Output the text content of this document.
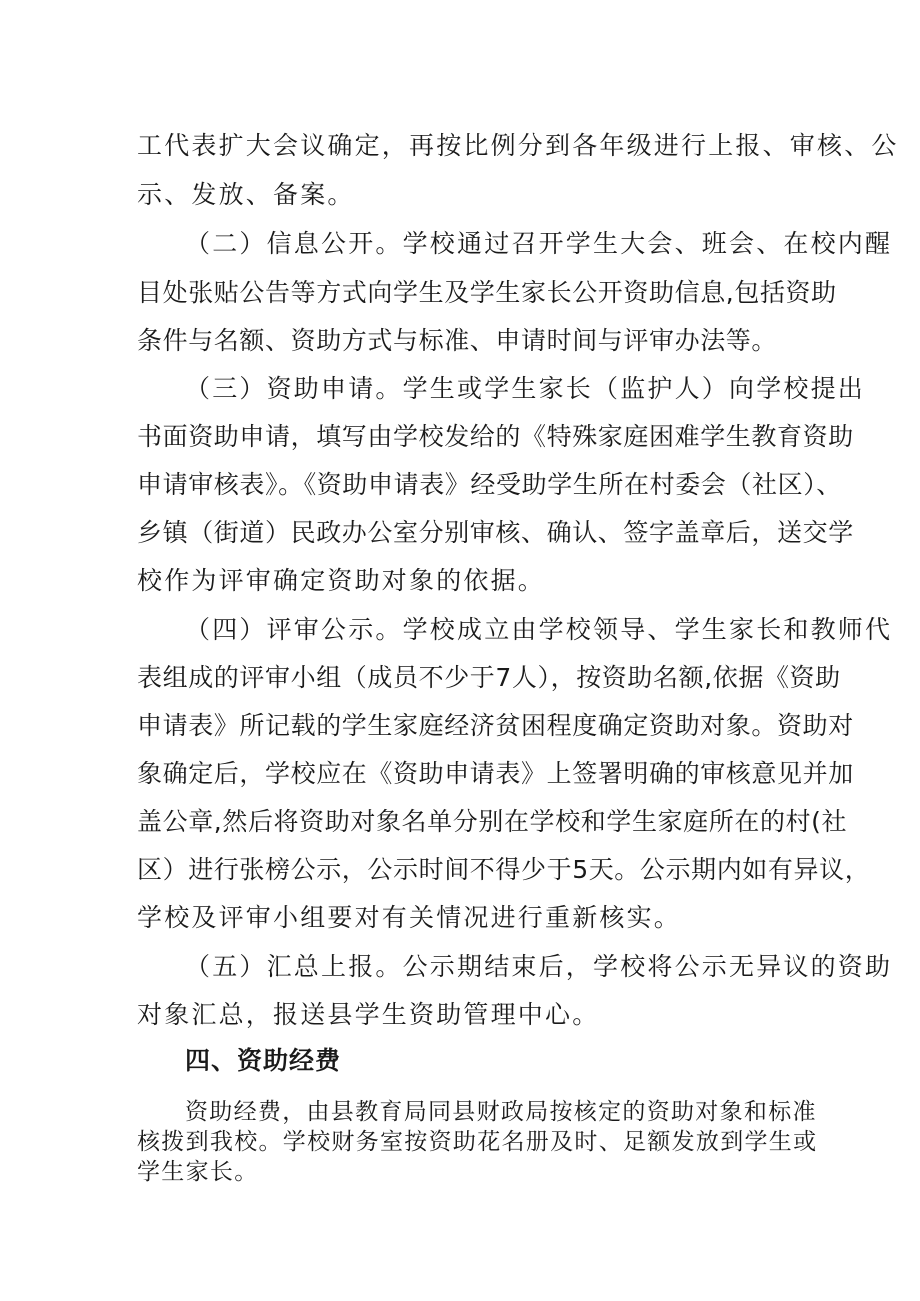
工代表扩大会议确定，再按比例分到各年级进行上报、审核、公
示、发放、备案。
（二）信息公开。学校通过召开学生大会、班会、在校内醒
目处张贴公告等方式向学生及学生家长公开资助信息,包括资助
条件与名额、资助方式与标准、申请时间与评审办法等。
（三）资助申请。学生或学生家长（监护人）向学校提出
书面资助申请，填写由学校发给的《特殊家庭困难学生教育资助
申请审核表》。《资助申请表》经受助学生所在村委会（社区）、
乡镇（街道）民政办公室分别审核、确认、签字盖章后，送交学
校作为评审确定资助对象的依据。
（四）评审公示。学校成立由学校领导、学生家长和教师代
表组成的评审小组（成员不少于7人），按资助名额,依据《资助
申请表》所记载的学生家庭经济贫困程度确定资助对象。资助对
象确定后，学校应在《资助申请表》上签署明确的审核意见并加
盖公章,然后将资助对象名单分别在学校和学生家庭所在的村(社
区）进行张榜公示，公示时间不得少于5天。公示期内如有异议，
学校及评审小组要对有关情况进行重新核实。
（五）汇总上报。公示期结束后，学校将公示无异议的资助
对象汇总，报送县学生资助管理中心。
四、资助经费
资助经费，由县教育局同县财政局按核定的资助对象和标准
核拨到我校。学校财务室按资助花名册及时、足额发放到学生或
学生家长。
